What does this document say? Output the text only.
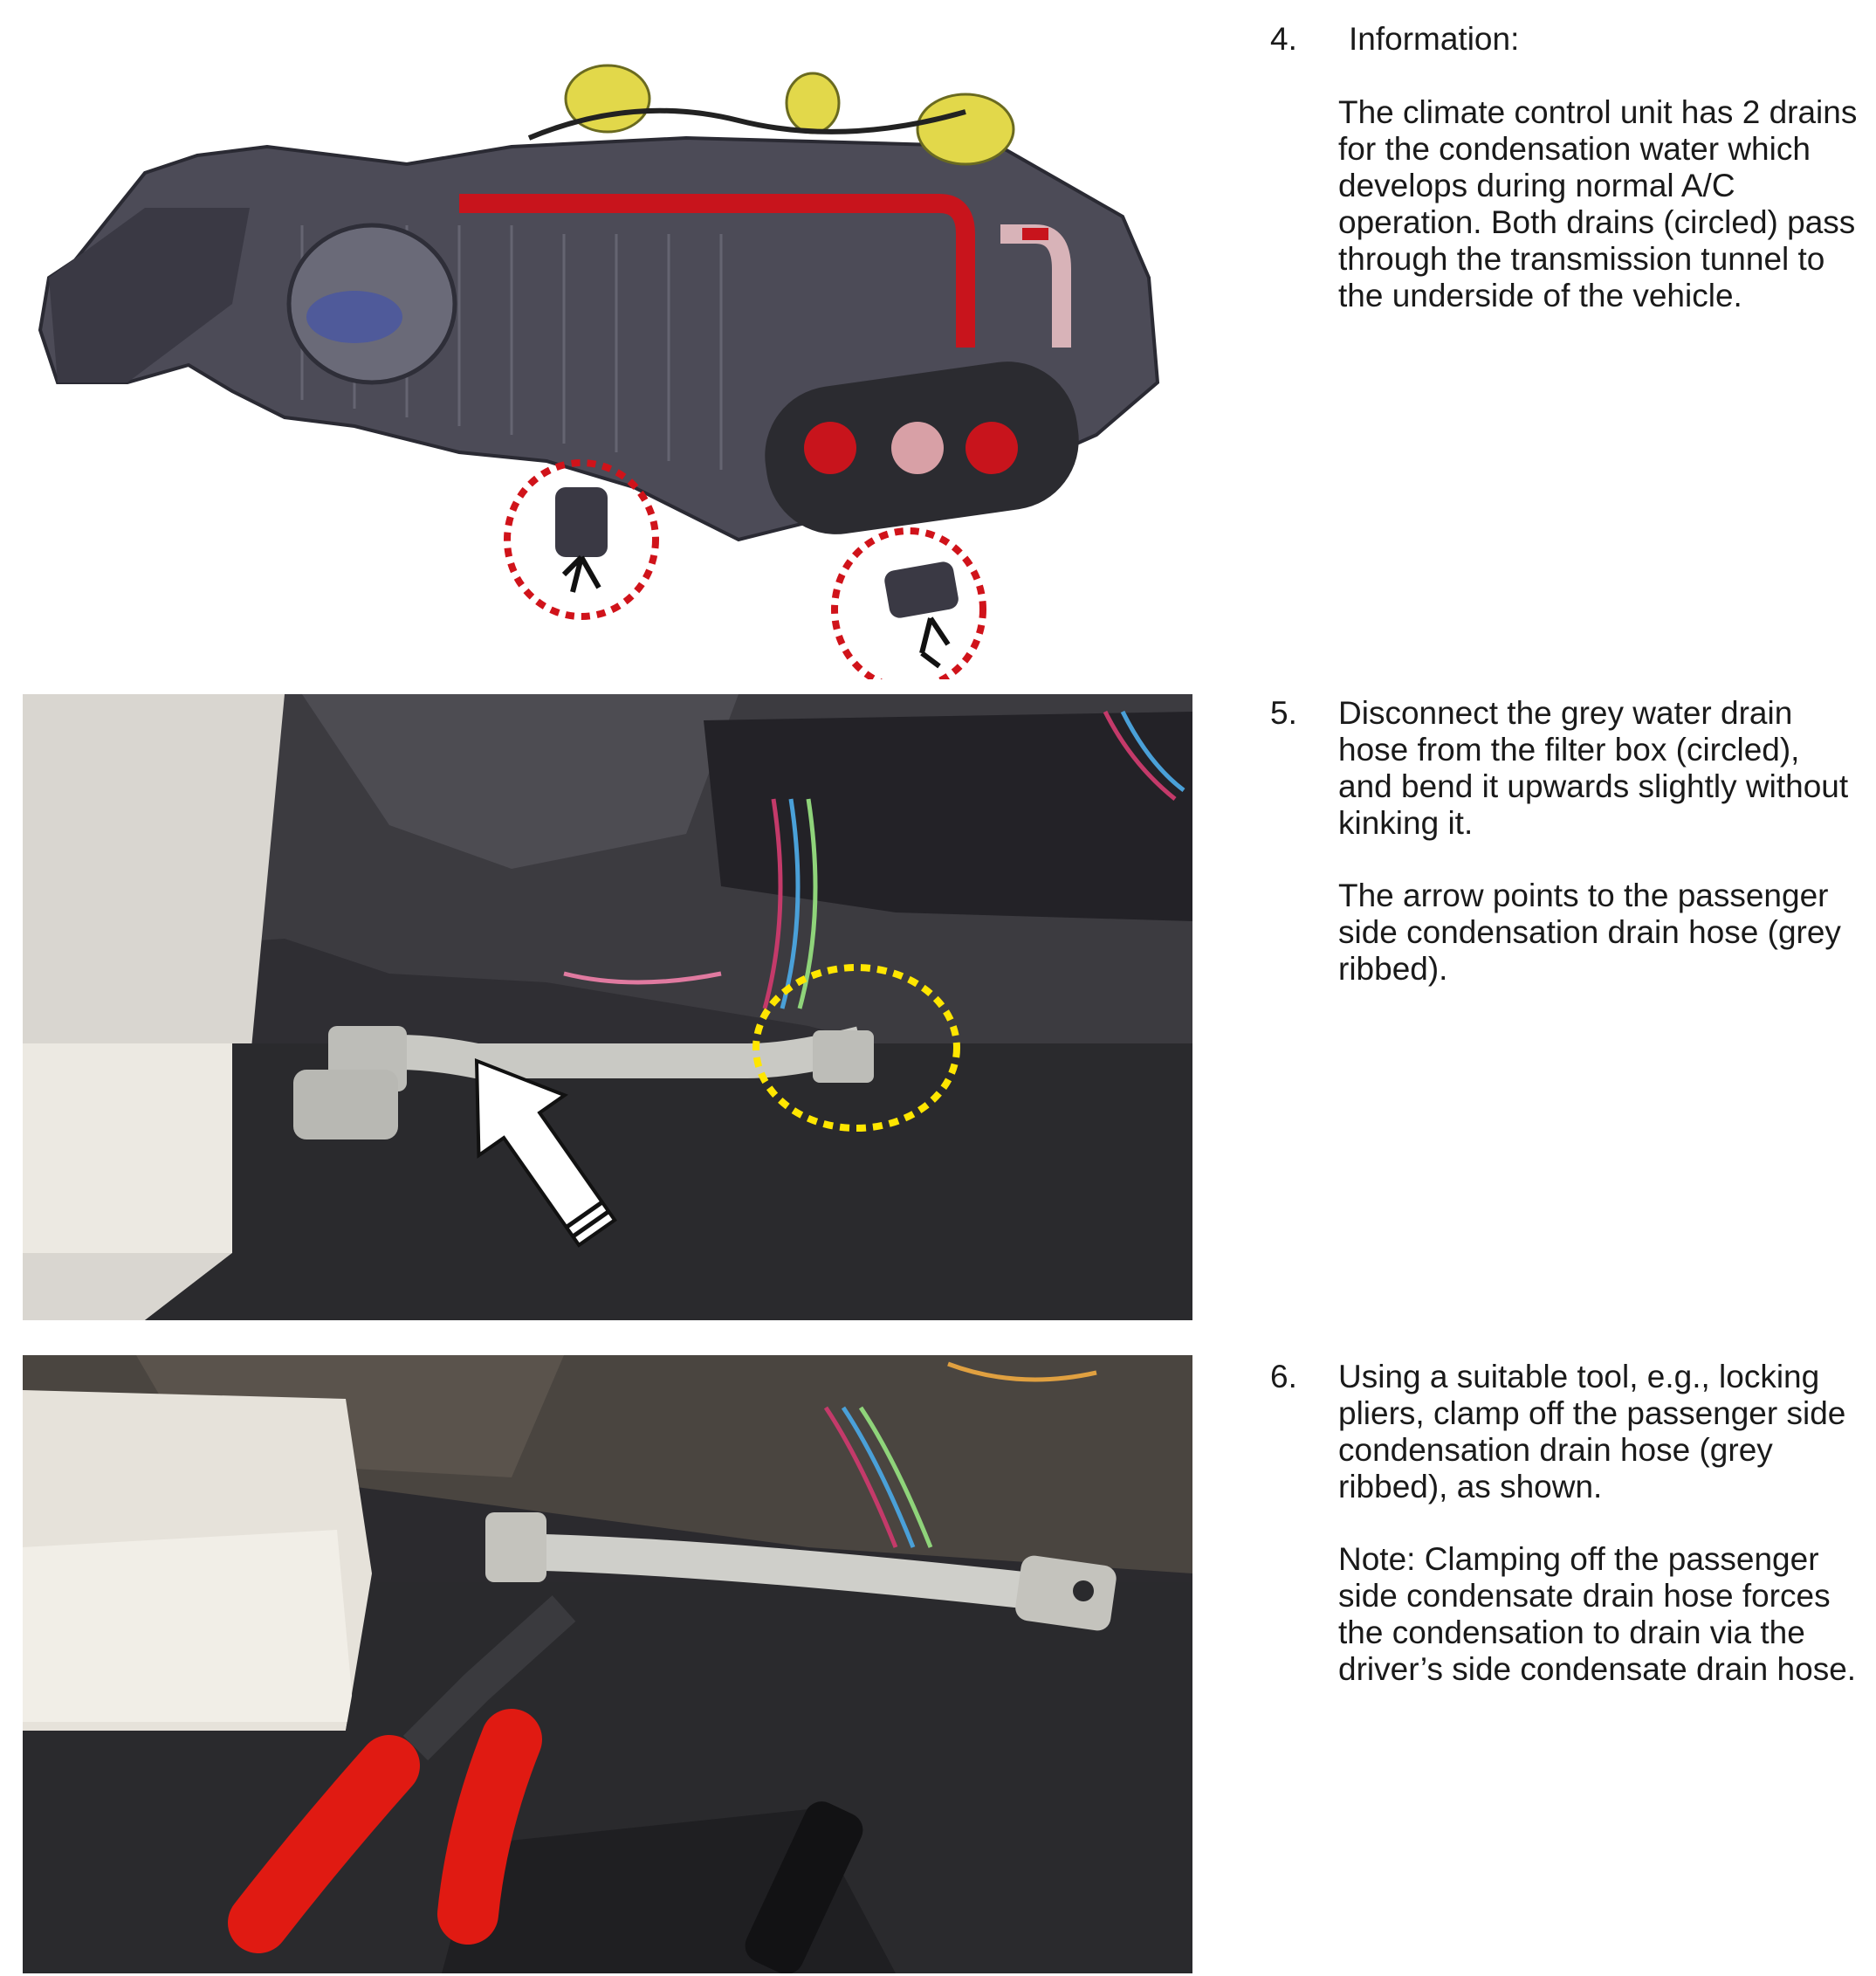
4. Information:

The climate control unit has 2 drains for the condensation water which develops during normal A/C operation. Both drains (circled) pass through the transmission tunnel to the underside of the vehicle.

5. Disconnect the grey water drain hose from the filter box (circled), and bend it upwards slightly without kinking it.

The arrow points to the passenger side condensation drain hose (grey ribbed).

6. Using a suitable tool, e.g., locking pliers, clamp off the passenger side condensation drain hose (grey ribbed), as shown.

Note: Clamping off the passenger side condensate drain hose forces the condensation to drain via the driver’s side condensate drain hose.
